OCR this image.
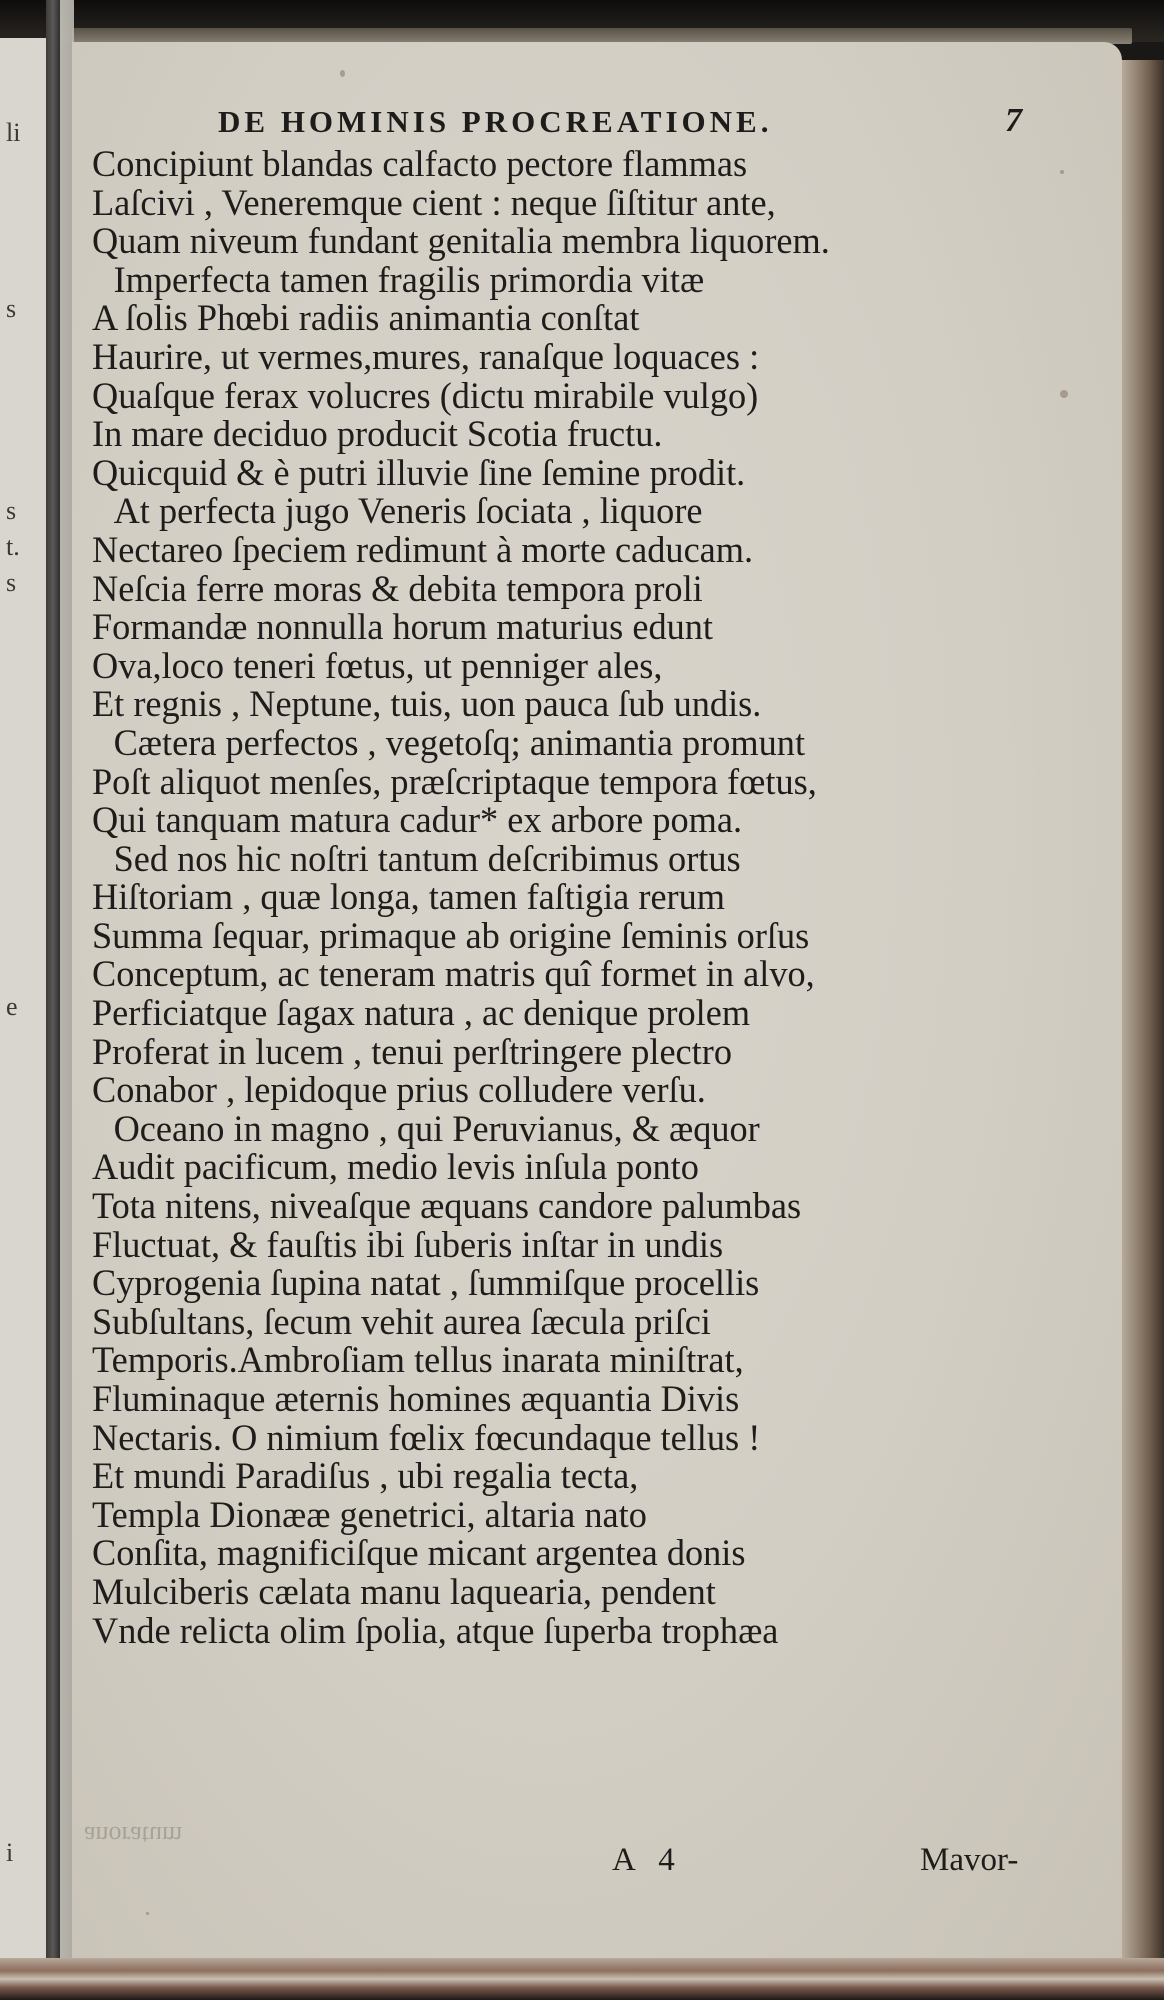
li
s
s
t.
s
e
i
DE HOMINIS PROCREATIONE.	7
Concipiunt blandas calfacto pectore flammas
Laſcivi , Veneremque cient : neque ſiſtitur ante,
Quam niveum fundant genitalia membra liquorem.
Imperfecta tamen fragilis primordia vitæ
A ſolis Phœbi radiis animantia conſtat
Haurire, ut vermes,mures, ranaſque loquaces :
Quaſque ferax volucres (dictu mirabile vulgo)
In mare deciduo producit Scotia fructu.
Quicquid & è putri illuvie ſine ſemine prodit.
At perfecta jugo Veneris ſociata , liquore
Nectareo ſpeciem redimunt à morte caducam.
Neſcia ferre moras & debita tempora proli
Formandæ nonnulla horum maturius edunt
Ova,loco teneri fœtus, ut penniger ales,
Et regnis , Neptune, tuis, uon pauca ſub undis.
Cætera perfectos , vegetoſq; animantia promunt
Poſt aliquot menſes, præſcriptaque tempora fœtus,
Qui tanquam matura cadur* ex arbore poma.
Sed nos hic noſtri tantum deſcribimus ortus
Hiſtoriam , quæ longa, tamen faſtigia rerum
Summa ſequar, primaque ab origine ſeminis orſus
Conceptum, ac teneram matris quî formet in alvo,
Perficiatque ſagax natura , ac denique prolem
Proferat in lucem , tenui perſtringere plectro
Conabor , lepidoque prius colludere verſu.
Oceano in magno , qui Peruvianus, & æquor
Audit pacificum, medio levis inſula ponto
Tota nitens, niveaſque æquans candore palumbas
Fluctuat, & fauſtis ibi ſuberis inſtar in undis
Cyprogenia ſupina natat , ſummiſque procellis
Subſultans, ſecum vehit aurea ſæcula priſci
Temporis.Ambroſiam tellus inarata miniſtrat,
Fluminaque æternis homines æquantia Divis
Nectaris. O nimium fœlix fœcundaque tellus !
Et mundi Paradiſus , ubi regalia tecta,
Templa Dionææ genetrici, altaria nato
Conſita, magnificiſque micant argentea donis
Mulciberis cælata manu laquearia, pendent
Vnde relicta olim ſpolia, atque ſuperba trophæa
anoratum
A 4	Mavor-
